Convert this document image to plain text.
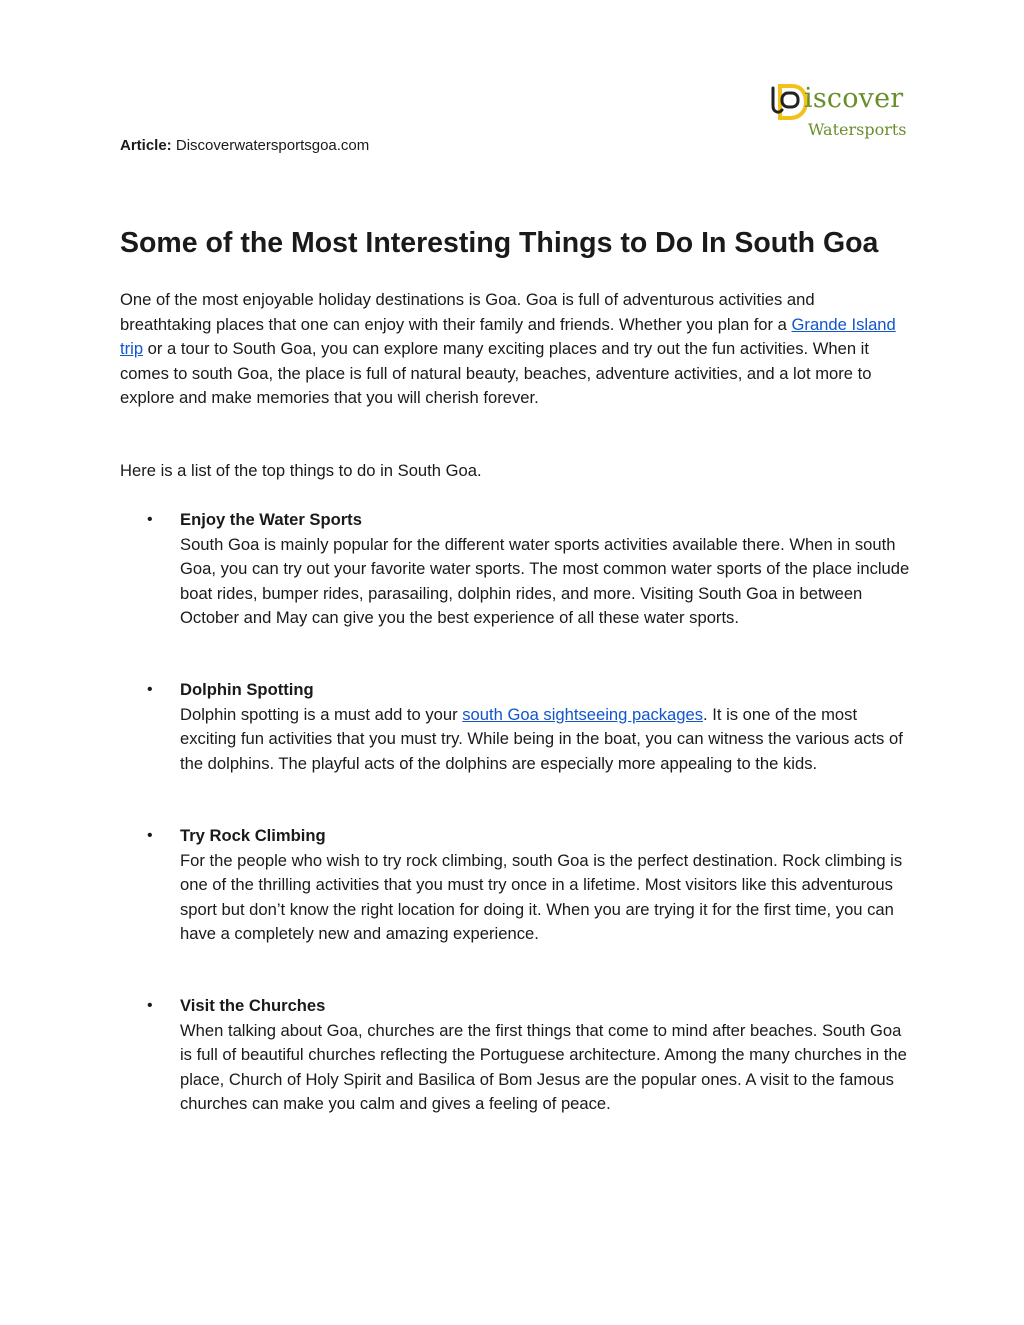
iscover
Watersports
Article: Discoverwatersportsgoa.com
Some of the Most Interesting Things to Do In South Goa

One of the most enjoyable holiday destinations is Goa. Goa is full of adventurous activities and breathtaking places that one can enjoy with their family and friends. Whether you plan for a Grande Island trip or a tour to South Goa, you can explore many exciting places and try out the fun activities. When it comes to south Goa, the place is full of natural beauty, beaches, adventure activities, and a lot more to explore and make memories that you will cherish forever.

Here is a list of the top things to do in South Goa.

• Enjoy the Water Sports
South Goa is mainly popular for the different water sports activities available there. When in south Goa, you can try out your favorite water sports. The most common water sports of the place include boat rides, bumper rides, parasailing, dolphin rides, and more. Visiting South Goa in between October and May can give you the best experience of all these water sports.
• Dolphin Spotting
Dolphin spotting is a must add to your south Goa sightseeing packages. It is one of the most exciting fun activities that you must try. While being in the boat, you can witness the various acts of the dolphins. The playful acts of the dolphins are especially more appealing to the kids.
• Try Rock Climbing
For the people who wish to try rock climbing, south Goa is the perfect destination. Rock climbing is one of the thrilling activities that you must try once in a lifetime. Most visitors like this adventurous sport but don’t know the right location for doing it. When you are trying it for the first time, you can have a completely new and amazing experience.
• Visit the Churches
When talking about Goa, churches are the first things that come to mind after beaches. South Goa is full of beautiful churches reflecting the Portuguese architecture. Among the many churches in the place, Church of Holy Spirit and Basilica of Bom Jesus are the popular ones. A visit to the famous churches can make you calm and gives a feeling of peace.
